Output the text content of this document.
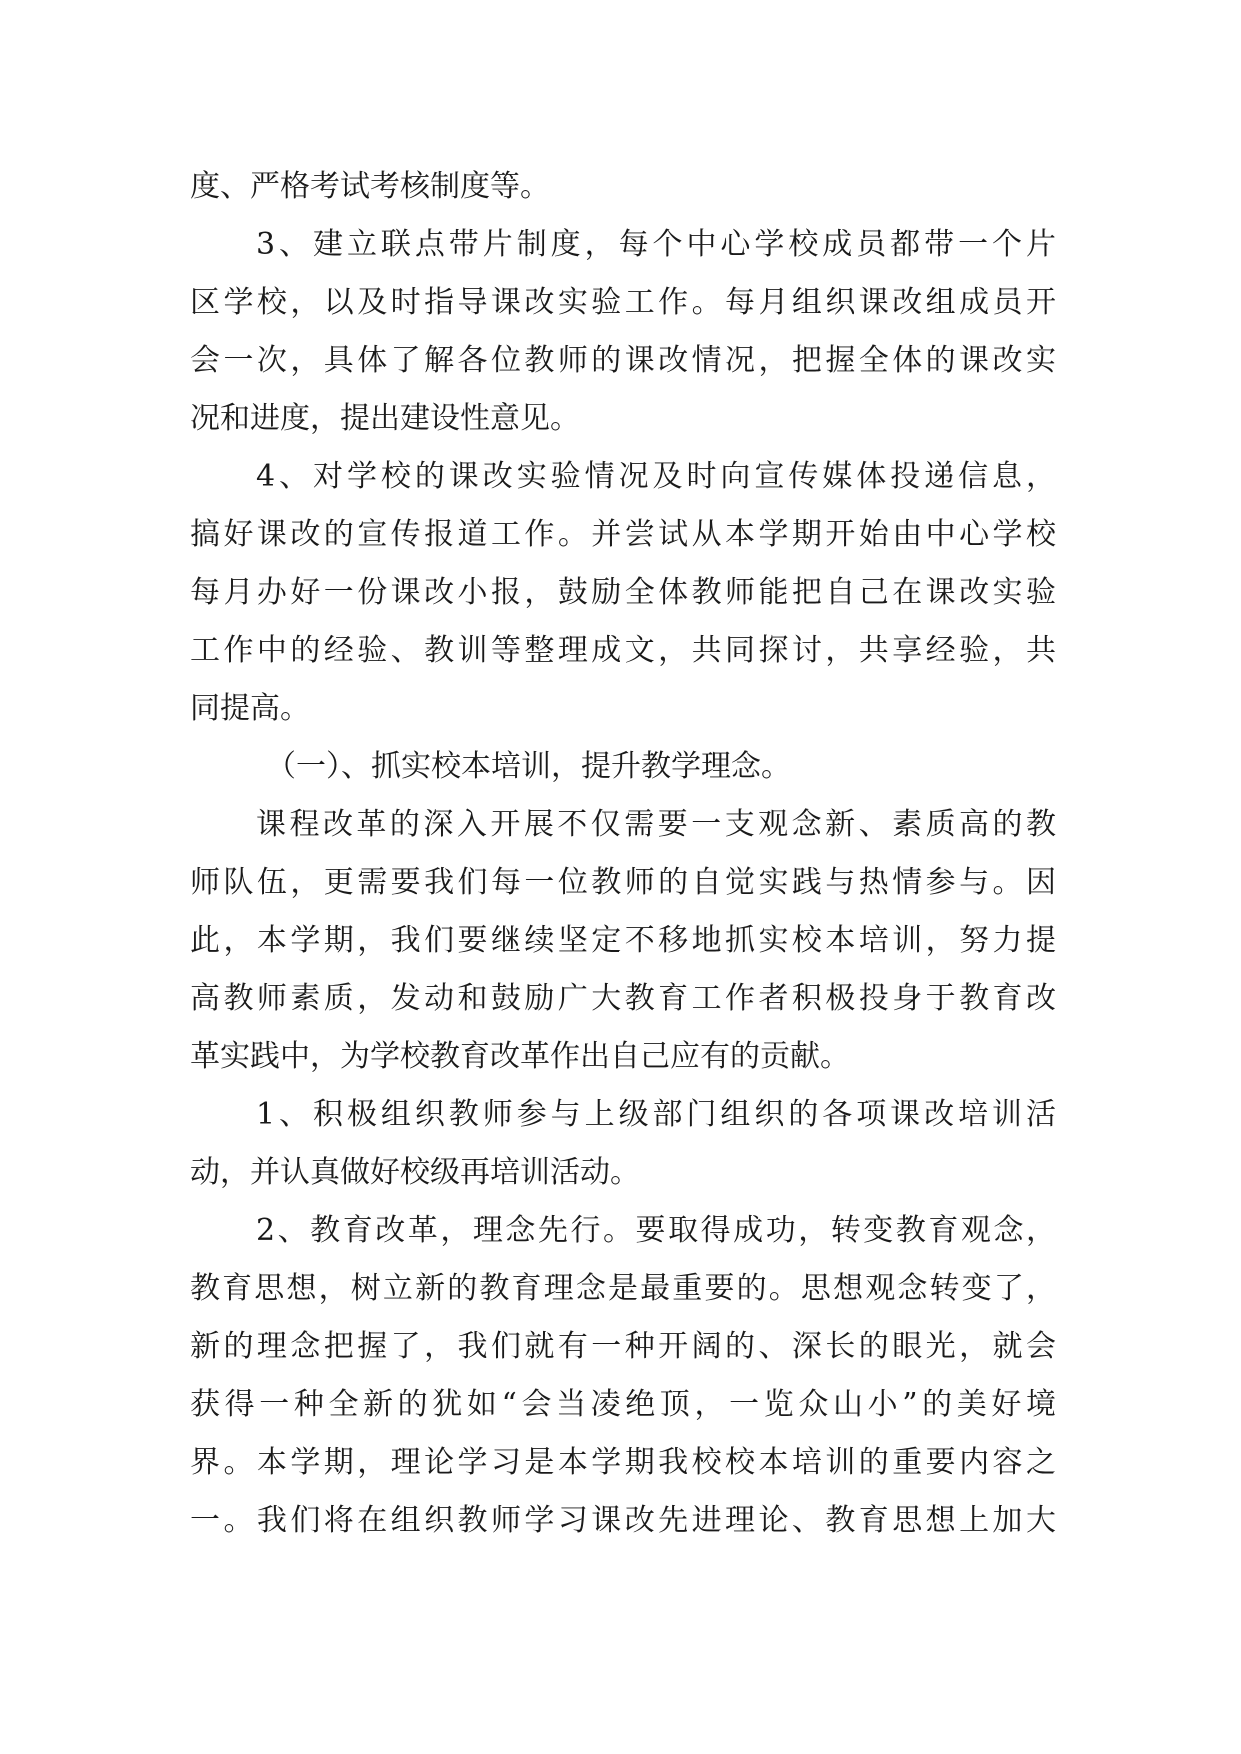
度、严格考试考核制度等。
3、建立联点带片制度，每个中心学校成员都带一个片
区学校，以及时指导课改实验工作。每月组织课改组成员开
会一次，具体了解各位教师的课改情况，把握全体的课改实
况和进度，提出建设性意见。
4、对学校的课改实验情况及时向宣传媒体投递信息，
搞好课改的宣传报道工作。并尝试从本学期开始由中心学校
每月办好一份课改小报，鼓励全体教师能把自己在课改实验
工作中的经验、教训等整理成文，共同探讨，共享经验，共
同提高。
（一）、抓实校本培训，提升教学理念。
课程改革的深入开展不仅需要一支观念新、素质高的教
师队伍，更需要我们每一位教师的自觉实践与热情参与。因
此，本学期，我们要继续坚定不移地抓实校本培训，努力提
高教师素质，发动和鼓励广大教育工作者积极投身于教育改
革实践中，为学校教育改革作出自己应有的贡献。
1、积极组织教师参与上级部门组织的各项课改培训活
动，并认真做好校级再培训活动。
2、教育改革，理念先行。要取得成功，转变教育观念，
教育思想，树立新的教育理念是最重要的。思想观念转变了，
新的理念把握了，我们就有一种开阔的、深长的眼光，就会
获得一种全新的犹如“会当凌绝顶，一览众山小”的美好境
界。本学期，理论学习是本学期我校校本培训的重要内容之
一。我们将在组织教师学习课改先进理论、教育思想上加大
